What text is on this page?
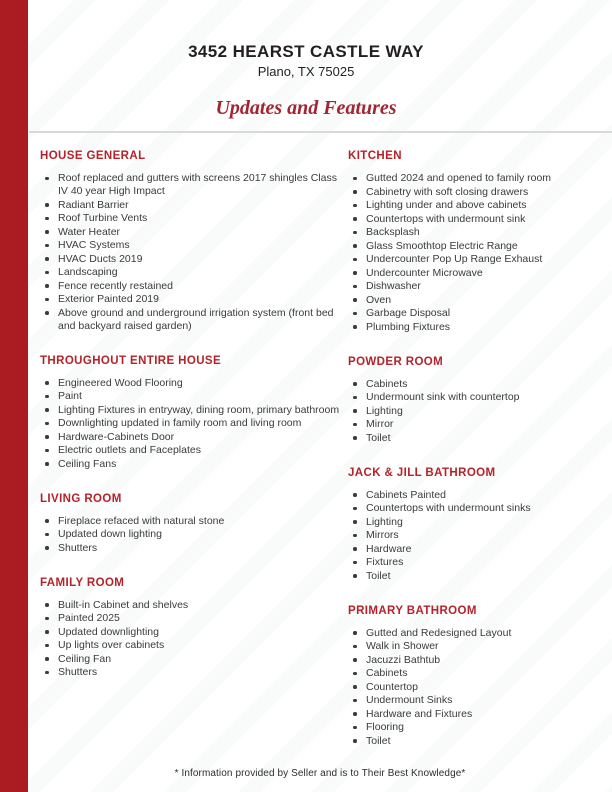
3452 HEARST CASTLE WAY
Plano, TX 75025
Updates and Features
HOUSE GENERAL
Roof replaced and gutters with screens 2017 shingles Class IV 40 year High Impact
Radiant Barrier
Roof Turbine Vents
Water Heater
HVAC Systems
HVAC Ducts 2019
Landscaping
Fence recently restained
Exterior Painted 2019
Above ground and underground irrigation system (front bed and backyard raised garden)
THROUGHOUT ENTIRE HOUSE
Engineered Wood Flooring
Paint
Lighting Fixtures in entryway, dining room, primary bathroom
Downlighting updated in family room and living room
Hardware-Cabinets Door
Electric outlets and Faceplates
Ceiling Fans
LIVING ROOM
Fireplace refaced with natural stone
Updated down lighting
Shutters
FAMILY ROOM
Built-in Cabinet and shelves
Painted 2025
Updated downlighting
Up lights over cabinets
Ceiling Fan
Shutters
KITCHEN
Gutted 2024 and opened to family room
Cabinetry with soft closing drawers
Lighting under and above cabinets
Countertops with undermount sink
Backsplash
Glass Smoothtop Electric Range
Undercounter Pop Up Range Exhaust
Undercounter Microwave
Dishwasher
Oven
Garbage Disposal
Plumbing Fixtures
POWDER ROOM
Cabinets
Undermount sink with countertop
Lighting
Mirror
Toilet
JACK & JILL BATHROOM
Cabinets Painted
Countertops with undermount sinks
Lighting
Mirrors
Hardware
Fixtures
Toilet
PRIMARY BATHROOM
Gutted and Redesigned Layout
Walk in Shower
Jacuzzi Bathtub
Cabinets
Countertop
Undermount Sinks
Hardware and Fixtures
Flooring
Toilet
* Information provided by Seller and is to Their Best Knowledge*
